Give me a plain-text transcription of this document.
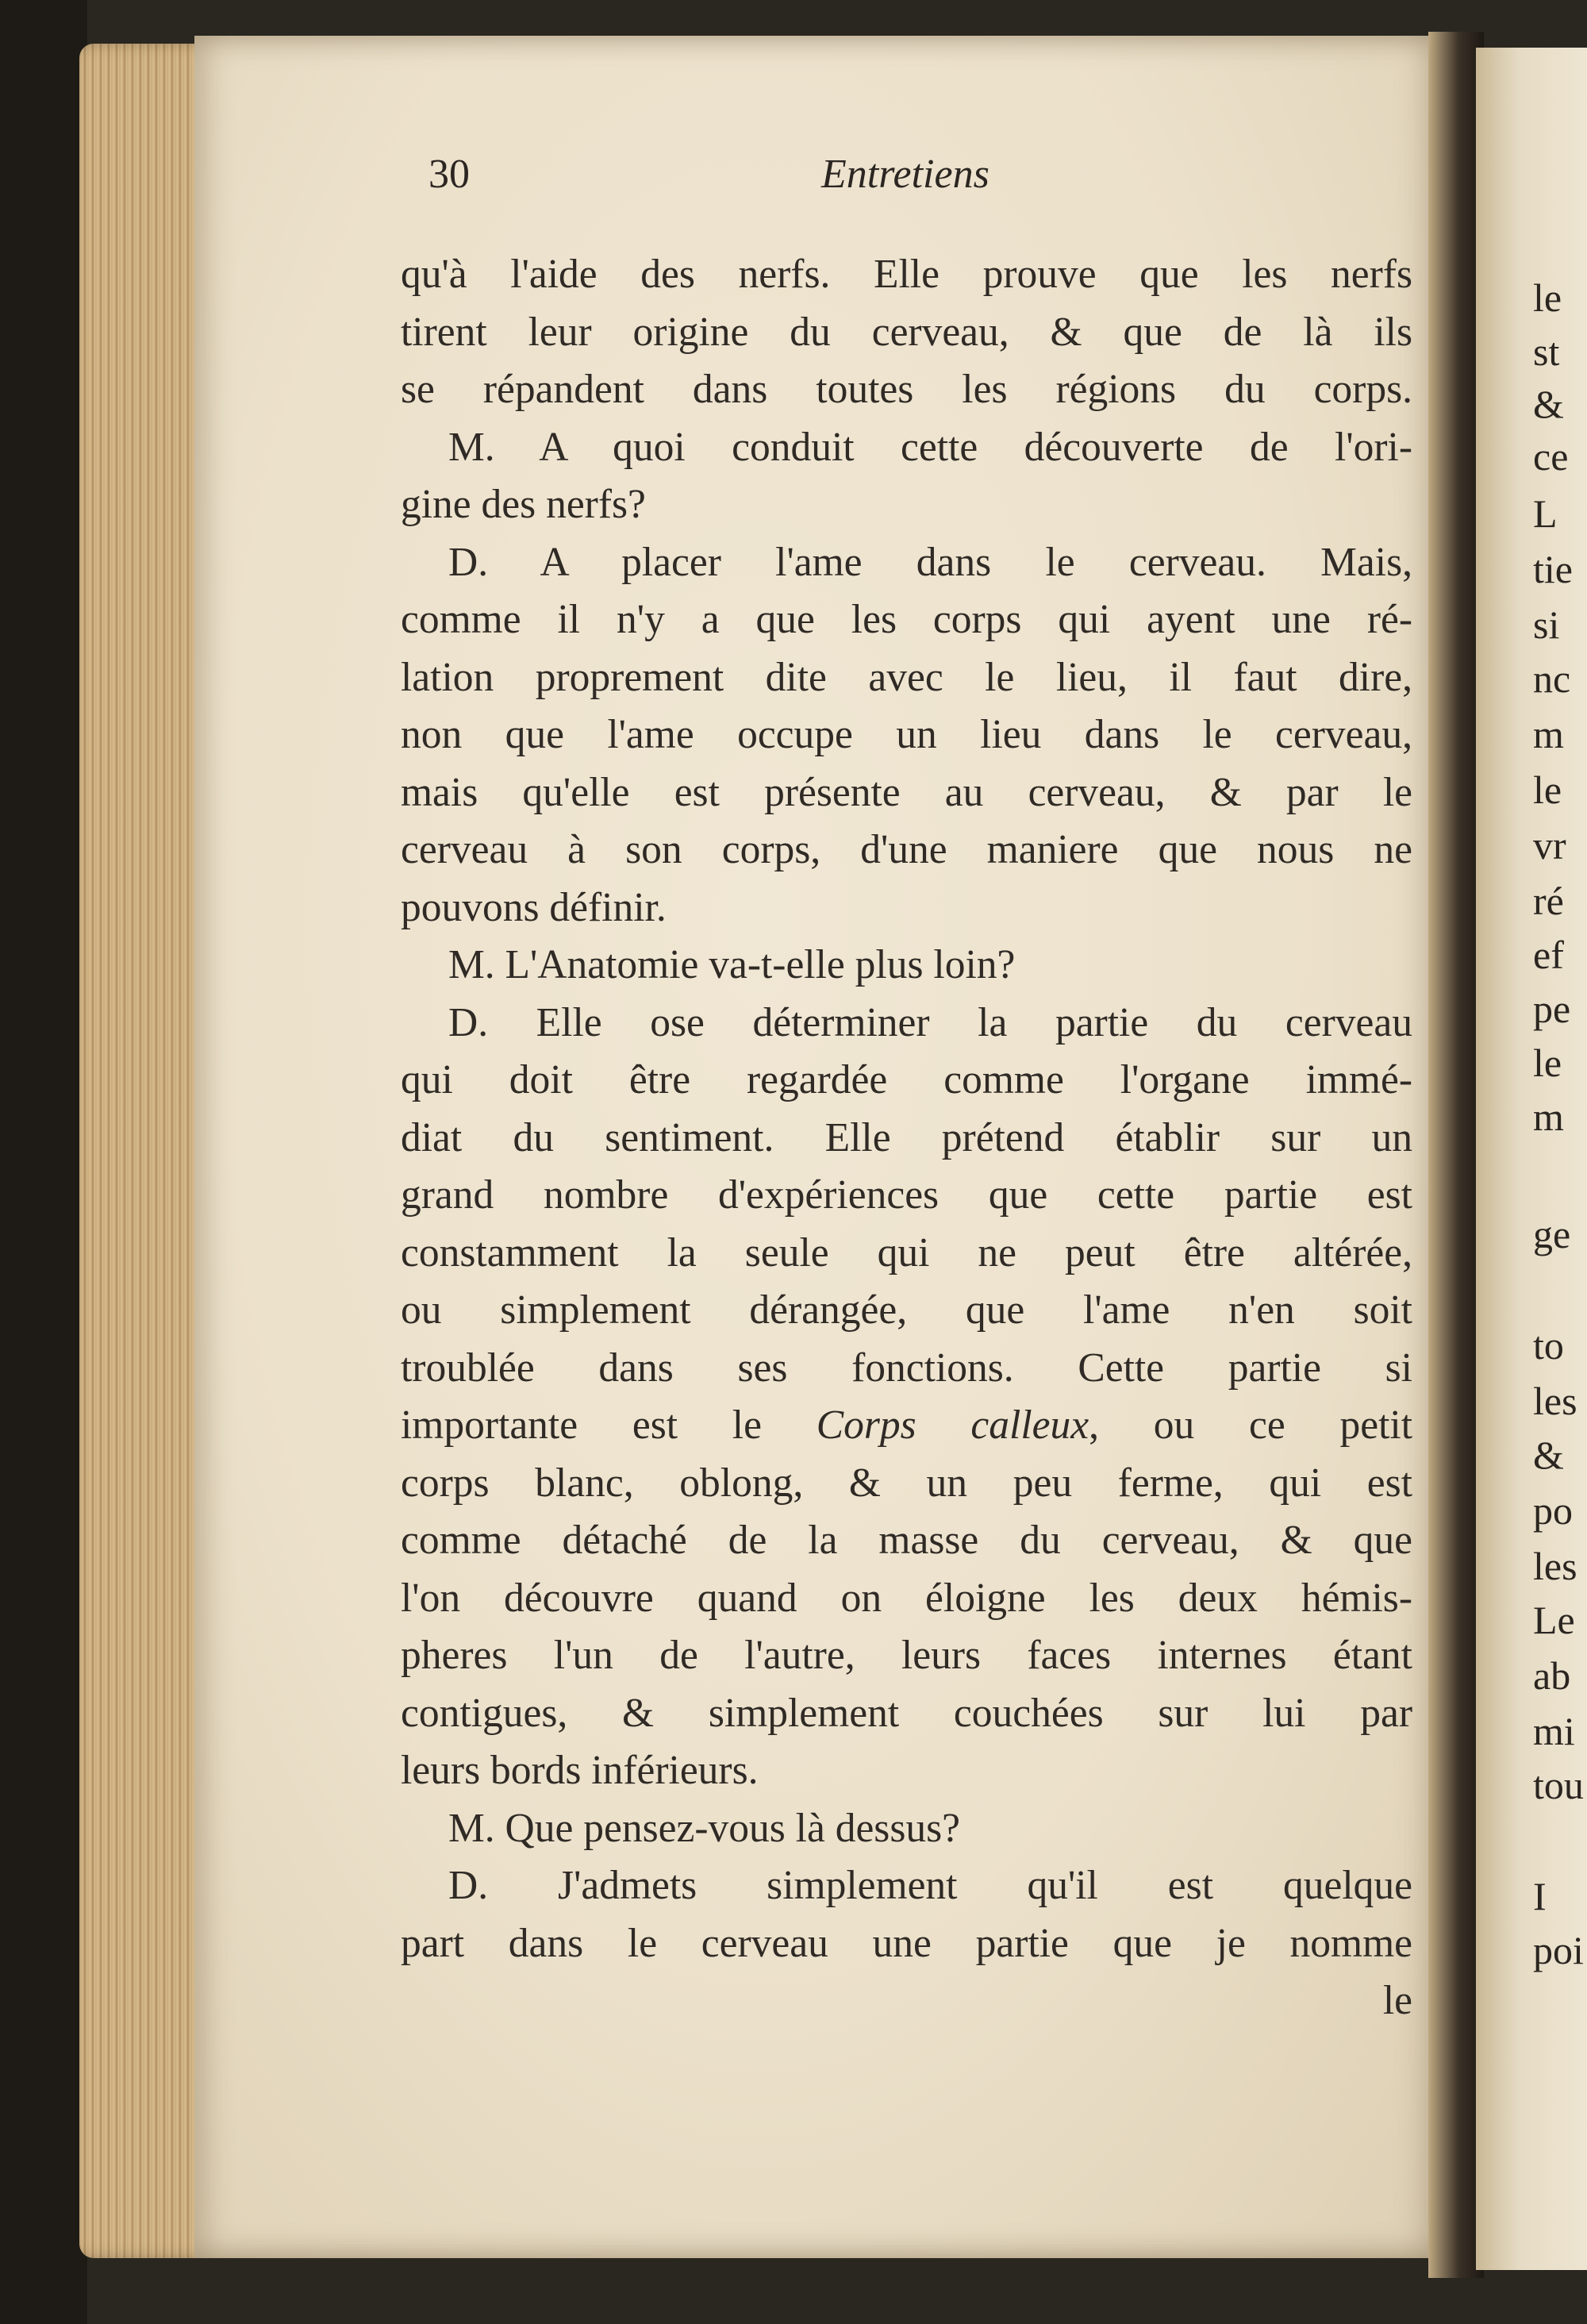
le
st
&
ce
L
tie
si
nc
m
le
vr
ré
ef
pe
le
m
ge
to
les
&
po
les
Le
ab
mi
tou
I
poi
30	Entretiens
qu'à l'aide des nerfs. Elle prouve que les nerfs
tirent leur origine du cerveau, & que de là ils
se répandent dans toutes les régions du corps.
M. A quoi conduit cette découverte de l'ori-
gine des nerfs?
D. A placer l'ame dans le cerveau. Mais,
comme il n'y a que les corps qui ayent une ré-
lation proprement dite avec le lieu, il faut dire,
non que l'ame occupe un lieu dans le cerveau,
mais qu'elle est présente au cerveau, & par le
cerveau à son corps, d'une maniere que nous ne
pouvons définir.
M. L'Anatomie va-t-elle plus loin?
D. Elle ose déterminer la partie du cerveau
qui doit être regardée comme l'organe immé-
diat du sentiment. Elle prétend établir sur un
grand nombre d'expériences que cette partie est
constamment la seule qui ne peut être altérée,
ou simplement dérangée, que l'ame n'en soit
troublée dans ses fonctions. Cette partie si
importante est le Corps calleux, ou ce petit
corps blanc, oblong, & un peu ferme, qui est
comme détaché de la masse du cerveau, & que
l'on découvre quand on éloigne les deux hémis-
pheres l'un de l'autre, leurs faces internes étant
contigues, & simplement couchées sur lui par
leurs bords inférieurs.
M. Que pensez-vous là dessus?
D. J'admets simplement qu'il est quelque
part dans le cerveau une partie que je nomme
le
